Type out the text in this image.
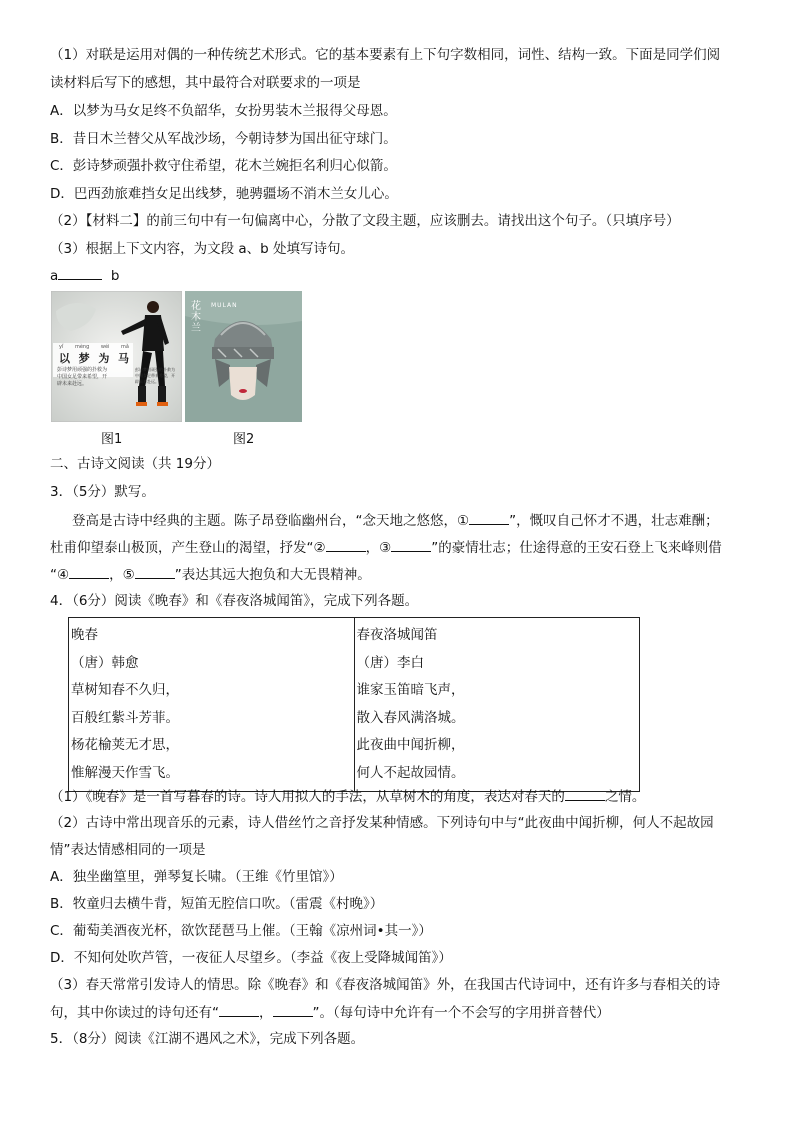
（1）对联是运用对偶的一种传统艺术形式。它的基本要素有上下句字数相同，词性、结构一致。下面是同学们阅
读材料后写下的感想，其中最符合对联要求的一项是
A．以梦为马女足终不负韶华，女扮男装木兰报得父母恩。
B．昔日木兰替父从军战沙场，今朝诗梦为国出征守球门。
C．彭诗梦顽强扑救守住希望，花木兰婉拒名利归心似箭。
D．巴西劲旅难挡女足出线梦，驰骋疆场不消木兰女儿心。
（2）【材料二】的前三句中有一句偏离中心，分散了文段主题，应该删去。请找出这个句子。（只填序号）
（3）根据上下文内容，为文段 a、b 处填写诗句。
a	b
yǐ mèng wéi mǎ
以 梦 为 马
彭诗梦用顽强的扑救为
中国女足带来希望，开
辟未来赴远。
彭诗梦用顽强的扑救为
中国女足带来希望，开
辟未来赴远。
图1
花
木
兰
MULAN
图2
二、古诗文阅读（共 19分）
3．（5分）默写。
登高是古诗中经典的主题。陈子昂登临幽州台，“念天地之悠悠，①	”，慨叹自己怀才不遇，壮志难酬；
杜甫仰望泰山极顶，产生登山的渴望，抒发“②	，③	”的豪情壮志；仕途得意的王安石登上飞来峰则借
“④	，⑤	”表达其远大抱负和大无畏精神。
4．（6分）阅读《晚春》和《春夜洛城闻笛》，完成下列各题。
晚春
（唐）韩愈
草树知春不久归，
百般红紫斗芳菲。
杨花榆荚无才思，
惟解漫天作雪飞。

春夜洛城闻笛
（唐）李白
谁家玉笛暗飞声，
散入春风满洛城。
此夜曲中闻折柳，
何人不起故园情。
（1）《晚春》是一首写暮春的诗。诗人用拟人的手法，从草树木的角度，表达对春天的	之情。
（2）古诗中常出现音乐的元素，诗人借丝竹之音抒发某种情感。下列诗句中与“此夜曲中闻折柳，何人不起故园
情”表达情感相同的一项是
A．独坐幽篁里，弹琴复长啸。（王维《竹里馆》）
B．牧童归去横牛背，短笛无腔信口吹。（雷震《村晚》）
C．葡萄美酒夜光杯，欲饮琵琶马上催。（王翰《凉州词•其一》）
D．不知何处吹芦管，一夜征人尽望乡。（李益《夜上受降城闻笛》）
（3）春天常常引发诗人的情思。除《晚春》和《春夜洛城闻笛》外，在我国古代诗词中，还有许多与春相关的诗
句，其中你读过的诗句还有“	，	”。（每句诗中允许有一个不会写的字用拼音替代）
5．（8分）阅读《江湖不遇风之术》，完成下列各题。
